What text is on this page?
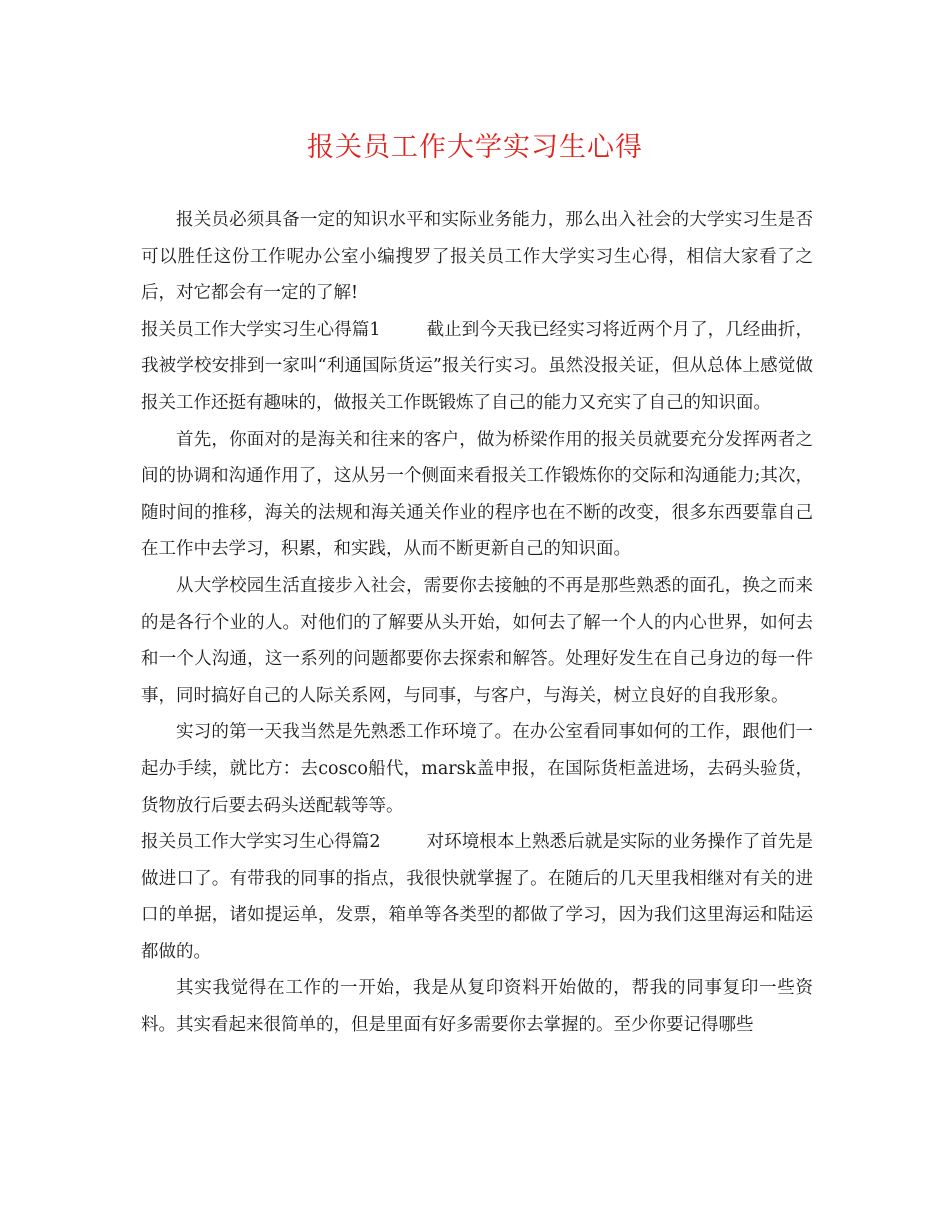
报关员工作大学实习生心得

报关员必须具备一定的知识水平和实际业务能力，那么出入社会的大学实习生是否可以胜任这份工作呢办公室小编搜罗了报关员工作大学实习生心得，相信大家看了之后，对它都会有一定的了解!

报关员工作大学实习生心得篇1	截止到今天我已经实习将近两个月了，几经曲折，我被学校安排到一家叫“利通国际货运”报关行实习。虽然没报关证，但从总体上感觉做报关工作还挺有趣味的，做报关工作既锻炼了自己的能力又充实了自己的知识面。

首先，你面对的是海关和往来的客户，做为桥梁作用的报关员就要充分发挥两者之间的协调和沟通作用了，这从另一个侧面来看报关工作锻炼你的交际和沟通能力;其次，随时间的推移，海关的法规和海关通关作业的程序也在不断的改变，很多东西要靠自己在工作中去学习，积累，和实践，从而不断更新自己的知识面。

从大学校园生活直接步入社会，需要你去接触的不再是那些熟悉的面孔，换之而来的是各行个业的人。对他们的了解要从头开始，如何去了解一个人的内心世界，如何去和一个人沟通，这一系列的问题都要你去探索和解答。处理好发生在自己身边的每一件事，同时搞好自己的人际关系网，与同事，与客户，与海关，树立良好的自我形象。

实习的第一天我当然是先熟悉工作环境了。在办公室看同事如何的工作，跟他们一起办手续，就比方：去cosco船代，marsk盖申报，在国际货柜盖进场，去码头验货，货物放行后要去码头送配载等等。

报关员工作大学实习生心得篇2	对环境根本上熟悉后就是实际的业务操作了首先是做进口了。有带我的同事的指点，我很快就掌握了。在随后的几天里我相继对有关的进口的单据，诸如提运单，发票，箱单等各类型的都做了学习，因为我们这里海运和陆运都做的。

其实我觉得在工作的一开始，我是从复印资料开始做的，帮我的同事复印一些资料。其实看起来很简单的，但是里面有好多需要你去掌握的。至少你要记得哪些
